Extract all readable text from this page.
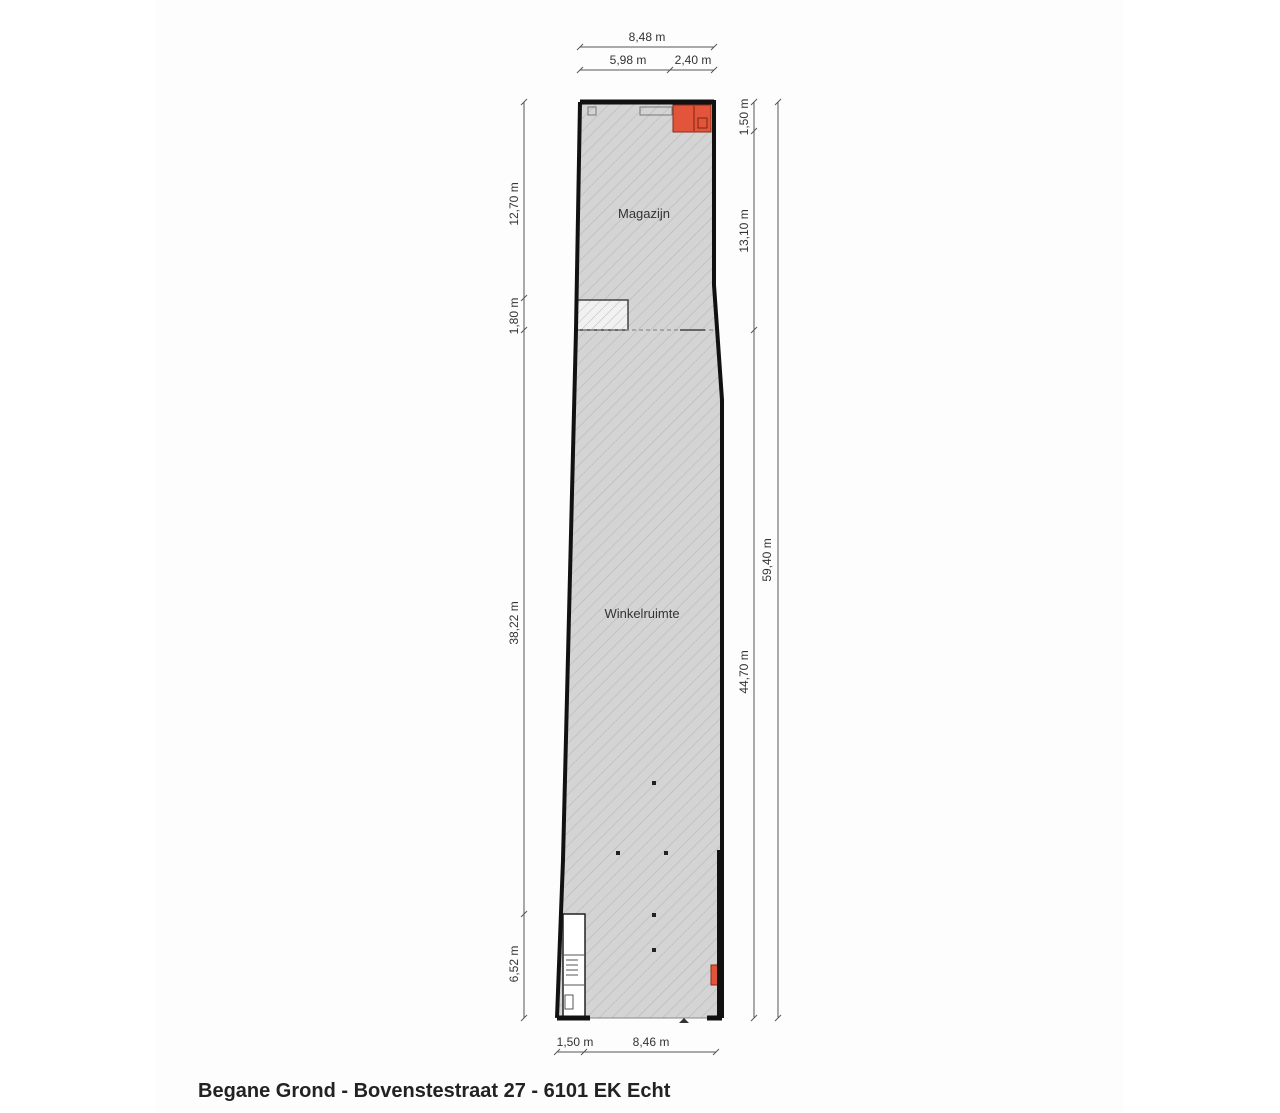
Magazijn
Winkelruimte
8,48 m
5,98 m 2,40 m
12,70 m
1,80 m
38,22 m
6,52 m
1,50 m
13,10 m
44,70 m
59,40 m
1,50 m	8,46 m
Begane Grond - Bovenstestraat 27 - 6101 EK Echt
